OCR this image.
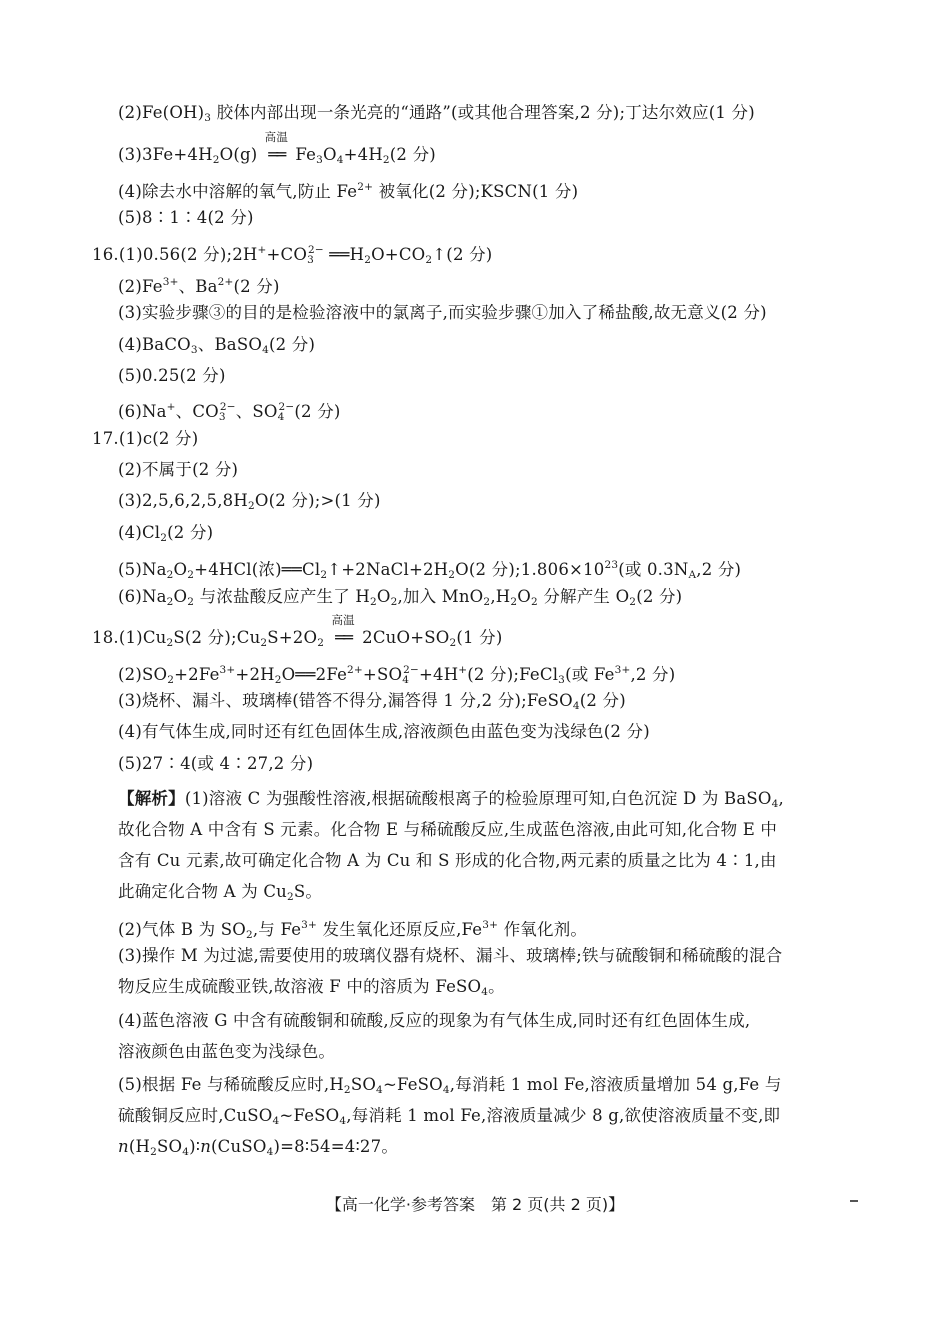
$(2)Fe(OH)_3$ 胶体内部出现一条光亮的“通路”(或其他合理答案,2 分);丁达尔效应(1 分)
$(3)3Fe+4H_2O(g)$
高温
══ $Fe_3O_4+4H_2(2$ 分)
(4)除去水中溶解的氧气,防止 $Fe^{2+}$ 被氧化(2 分);KSCN(1 分)
(5)8∶1∶4(2 分)
16.(1)0.56(2 分)$;2H^++CO_3^{2-}$ $══H_2O+CO_2↑(2$ 分)
$(2)Fe^{3+}$、$Ba^{2+}(2$ 分)
(3)实验步骤③的目的是检验溶液中的氯离子,而实验步骤①加入了稀盐酸,故无意义(2 分)
(4)BaCO$_3$、BaSO$_4$(2 分)
(5)0.25(2 分)
(6)Na+、$CO_3^{2-}$、$SO_4^{2-}(2$ 分)
17.(1)c(2 分)
(2)不属于(2 分)
$(3)2,5,6,2,5,8H_2O(2$ 分);>(1 分)
$(4)Cl_2(2$ 分)
$(5)Na_2O_2+4HCl$(浓)$══Cl_2↑+2NaCl+2H_2O(2$ 分)$;1.806\times 10^{23}$(或 $0.3N_A,2$ 分)
$(6)Na_2O_2$ 与浓盐酸反应产生了 $H_2O_2$,加入 $MnO_2,H_2O_2$ 分解产生 $O_2(2$ 分)
$18.(1)Cu_2S(2$ 分)$;Cu_2S+2O_2$
高温
══ $2CuO+SO_2(1$ 分)
$(2)SO_2+2Fe^{3+}+2H_2O══2Fe^{2+}+SO_4^{2-}+4H^+(2$ 分);FeCl$_3$(或 $Fe^{3+},2$ 分)
(3)烧杯、漏斗、玻璃棒(错答不得分,漏答得 1 分,2 分);FeSO$_4$(2 分)
(4)有气体生成,同时还有红色固体生成,溶液颜色由蓝色变为浅绿色(2 分)
(5)27∶4(或 4∶27,2 分)
【解析】(1)溶液 C 为强酸性溶液,根据硫酸根离子的检验原理可知,白色沉淀 D 为 BaSO$_4$,
故化合物 A 中含有 S 元素。化合物 E 与稀硫酸反应,生成蓝色溶液,由此可知,化合物 E 中
含有 Cu 元素,故可确定化合物 A 为 Cu 和 S 形成的化合物,两元素的质量之比为 4∶1,由
此确定化合物 A 为 $Cu_2S$。
(2)气体 B 为 $SO_2$,与 $Fe^{3+}$ 发生氧化还原反应$,Fe^{3+}$ 作氧化剂。
(3)操作 M 为过滤,需要使用的玻璃仪器有烧杯、漏斗、玻璃棒;铁与硫酸铜和稀硫酸的混合
物反应生成硫酸亚铁,故溶液 F 中的溶质为 FeSO$_4$。
(4)蓝色溶液 G 中含有硫酸铜和硫酸,反应的现象为有气体生成,同时还有红色固体生成,
溶液颜色由蓝色变为浅绿色。
(5)根据 Fe 与稀硫酸反应时$,H_2SO_4\sim FeSO_4$,每消耗 1 mol Fe,溶液质量增加 54 g,Fe 与
硫酸铜反应时,CuSO$_4$~FeSO$_4$,每消耗 1 mol Fe,溶液质量减少 8 g,欲使溶液质量不变,即
$n(H_2SO_4)∶n(CuSO_4)=8∶54=4∶27$。
【高一化学·参考答案　第 2 页(共 2 页)】
